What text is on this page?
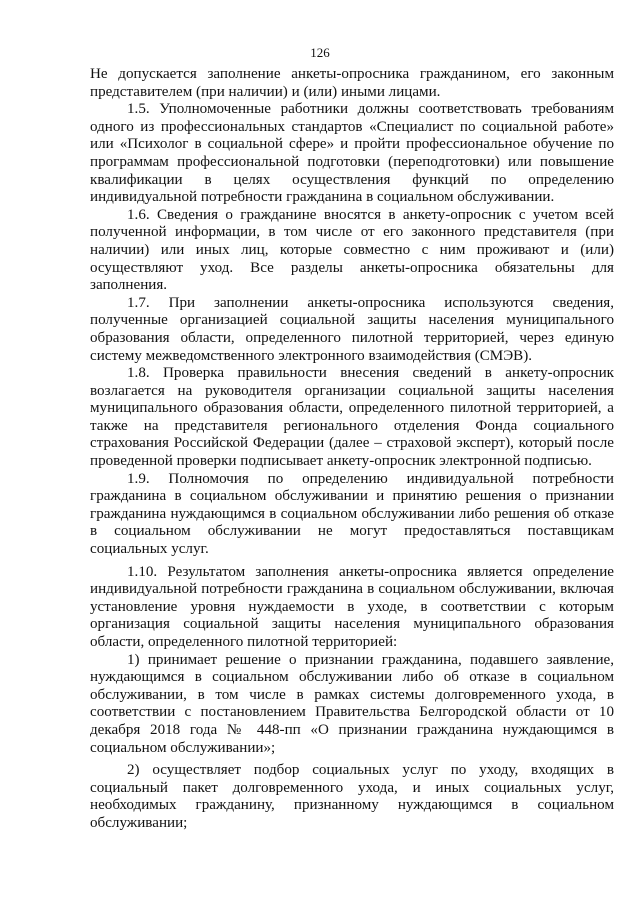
126

Не допускается заполнение анкеты-опросника гражданином, его законным представителем (при наличии) и (или) иными лицами.

1.5. Уполномоченные работники должны соответствовать требованиям одного из профессиональных стандартов «Специалист по социальной работе» или «Психолог в социальной сфере» и пройти профессиональное обучение по программам профессиональной подготовки (переподготовки) или повышение квалификации в целях осуществления функций по определению индивидуальной потребности гражданина в социальном обслуживании.

1.6. Сведения о гражданине вносятся в анкету-опросник с учетом всей полученной информации, в том числе от его законного представителя (при наличии) или иных лиц, которые совместно с ним проживают и (или) осуществляют уход. Все разделы анкеты-опросника обязательны для заполнения.

1.7. При заполнении анкеты-опросника используются сведения, полученные организацией социальной защиты населения муниципального образования области, определенного пилотной территорией, через единую систему межведомственного электронного взаимодействия (СМЭВ).

1.8. Проверка правильности внесения сведений в анкету-опросник возлагается на руководителя организации социальной защиты населения муниципального образования области, определенного пилотной территорией, а также на представителя регионального отделения Фонда социального страхования Российской Федерации (далее – страховой эксперт), который после проведенной проверки подписывает анкету-опросник электронной подписью.

1.9. Полномочия по определению индивидуальной потребности гражданина в социальном обслуживании и принятию решения о признании гражданина нуждающимся в социальном обслуживании либо решения об отказе в социальном обслуживании не могут предоставляться поставщикам социальных услуг.

1.10. Результатом заполнения анкеты-опросника является определение индивидуальной потребности гражданина в социальном обслуживании, включая установление уровня нуждаемости в уходе, в соответствии с которым организация социальной защиты населения муниципального образования области, определенного пилотной территорией:

1) принимает решение о признании гражданина, подавшего заявление, нуждающимся в социальном обслуживании либо об отказе в социальном обслуживании, в том числе в рамках системы долговременного ухода, в соответствии с постановлением Правительства Белгородской области от 10 декабря 2018 года № 448-пп «О признании гражданина нуждающимся в социальном обслуживании»;

2) осуществляет подбор социальных услуг по уходу, входящих в социальный пакет долговременного ухода, и иных социальных услуг, необходимых гражданину, признанному нуждающимся в социальном обслуживании;
